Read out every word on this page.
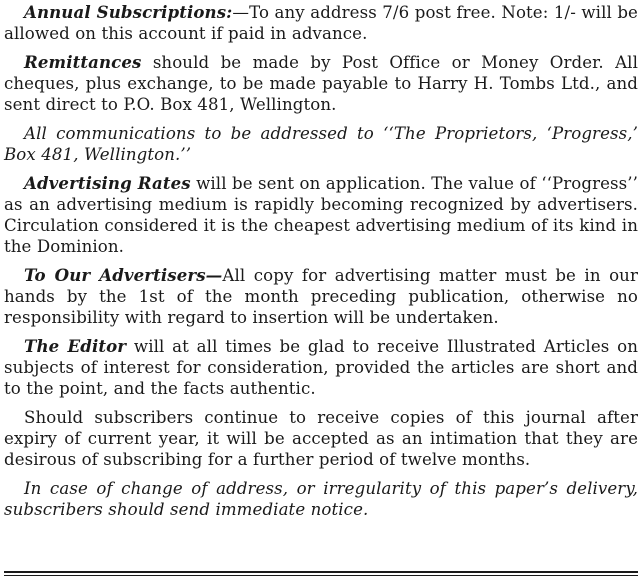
Annual Subscriptions:—To any address 7/6 post free. Note: 1/- will be allowed on this account if paid in advance.

Remittances should be made by Post Office or Money Order. All cheques, plus exchange, to be made payable to Harry H. Tombs Ltd., and sent direct to P.O. Box 481, Wellington.

All communications to be addressed to ‘‘The Proprietors, ‘Progress,’ Box 481, Wellington.’’

Advertising Rates will be sent on application. The value of ‘‘Progress’’ as an advertising medium is rapidly becoming recognized by advertisers. Circulation considered it is the cheapest advertising medium of its kind in the Dominion.

To Our Advertisers—All copy for advertising matter must be in our hands by the 1st of the month preceding publication, otherwise no responsibility with regard to insertion will be undertaken.

The Editor will at all times be glad to receive Illustrated Articles on subjects of interest for consideration, provided the articles are short and to the point, and the facts authentic.

Should subscribers continue to receive copies of this journal after expiry of current year, it will be accepted as an intimation that they are desirous of subscribing for a further period of twelve months.

In case of change of address, or irregularity of this paper’s delivery, subscribers should send immediate notice.
